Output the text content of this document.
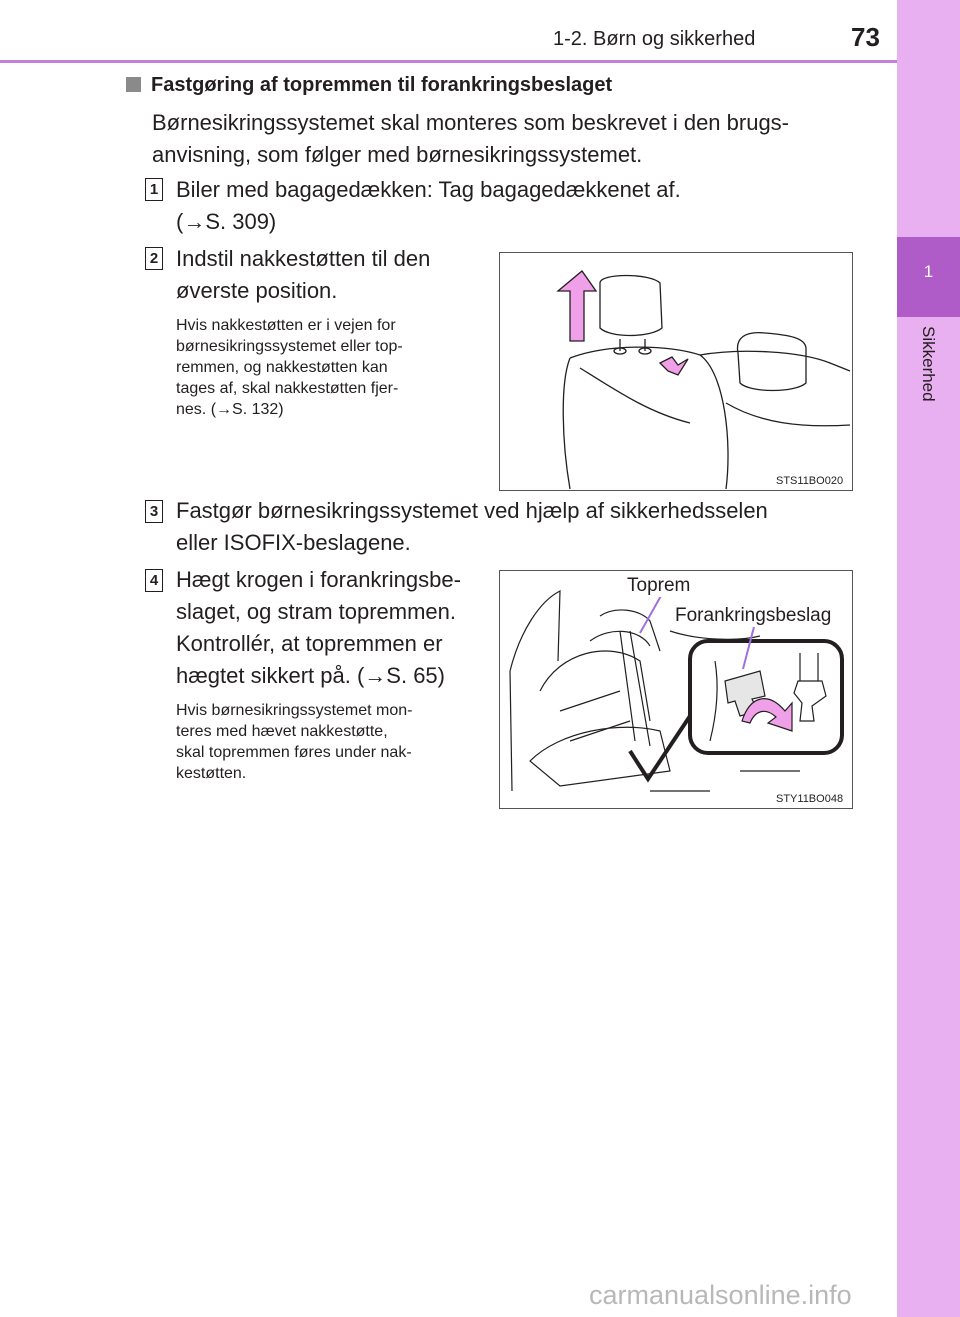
1-2. Børn og sikkerhed	73
1
Sikkerhed
Fastgøring af topremmen til forankringsbeslaget
Børnesikringssystemet skal monteres som beskrevet i den brugs-
anvisning, som følger med børnesikringssystemet.
1 Biler med bagagedækken: Tag bagagedækkenet af.
(→S. 309)
2 Indstil nakkestøtten til den
øverste position.
Hvis nakkestøtten er i vejen for
børnesikringssystemet eller top-
remmen, og nakkestøtten kan
tages af, skal nakkestøtten fjer-
nes. (→S. 132)
STS11BO020
3 Fastgør børnesikringssystemet ved hjælp af sikkerhedsselen
eller ISOFIX-beslagene.
4 Hægt krogen i forankringsbe-
slaget, og stram topremmen.
Kontrollér, at topremmen er
hægtet sikkert på. (→S. 65)
Hvis børnesikringssystemet mon-
teres med hævet nakkestøtte,
skal topremmen føres under nak-
kestøtten.
Toprem
Forankringsbeslag
STY11BO048
carmanualsonline.info
